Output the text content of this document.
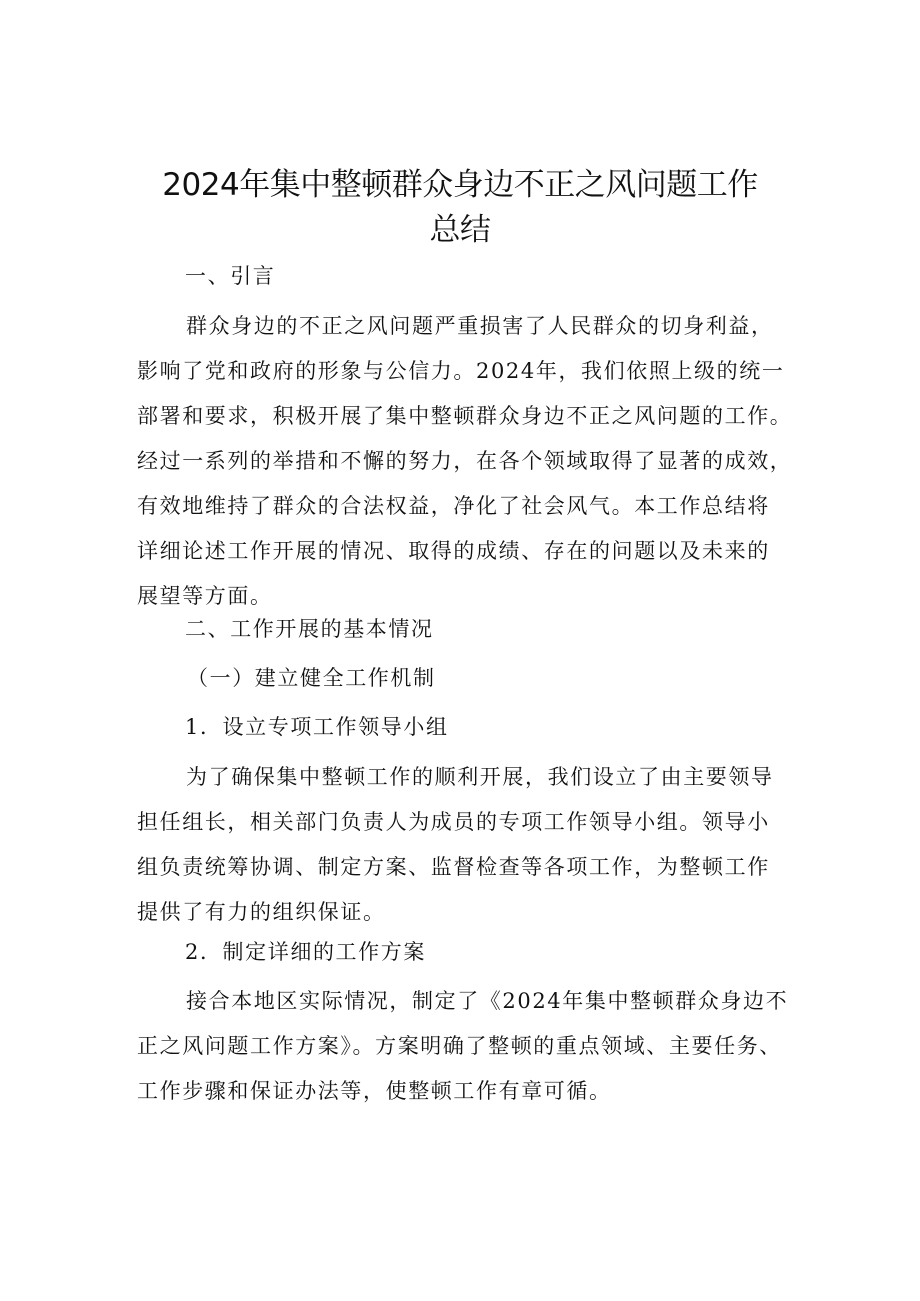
2024年集中整顿群众身边不正之风问题工作
总结

一、引言

群众身边的不正之风问题严重损害了人民群众的切身利益，
影响了党和政府的形象与公信力。2024年，我们依照上级的统一
部署和要求，积极开展了集中整顿群众身边不正之风问题的工作。
经过一系列的举措和不懈的努力，在各个领域取得了显著的成效，
有效地维持了群众的合法权益，净化了社会风气。本工作总结将
详细论述工作开展的情况、取得的成绩、存在的问题以及未来的
展望等方面。

二、工作开展的基本情况

（一）建立健全工作机制

1．设立专项工作领导小组

为了确保集中整顿工作的顺利开展，我们设立了由主要领导
担任组长，相关部门负责人为成员的专项工作领导小组。领导小
组负责统筹协调、制定方案、监督检查等各项工作，为整顿工作
提供了有力的组织保证。

2．制定详细的工作方案

接合本地区实际情况，制定了《2024年集中整顿群众身边不
正之风问题工作方案》。方案明确了整顿的重点领域、主要任务、
工作步骤和保证办法等，使整顿工作有章可循。
